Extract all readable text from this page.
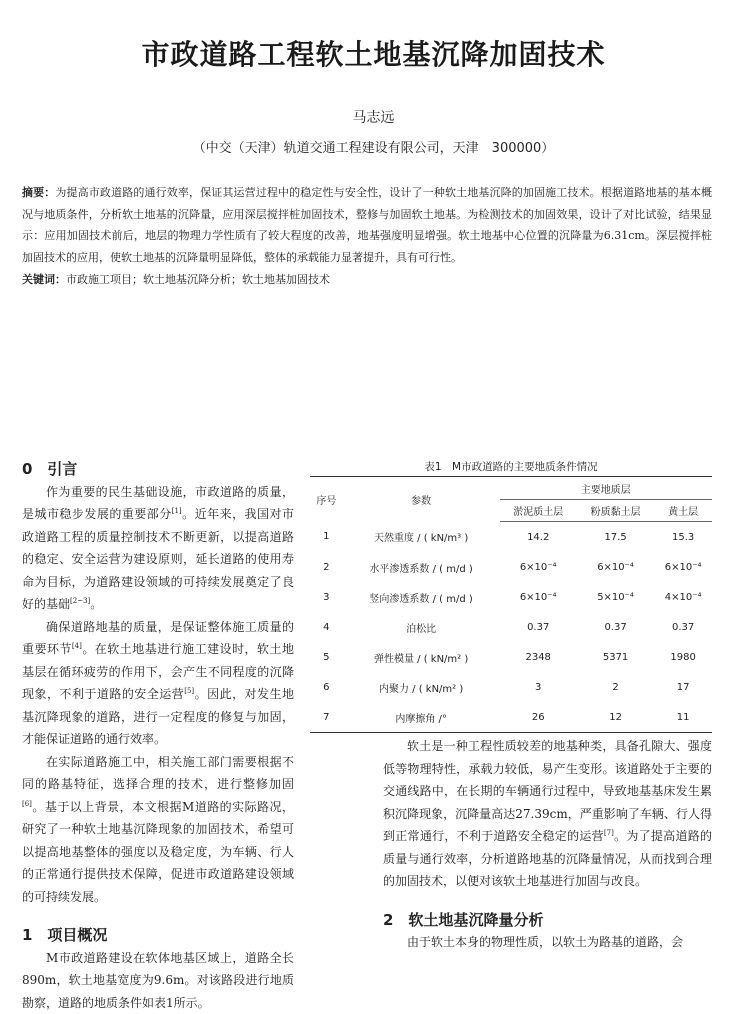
市政道路工程软土地基沉降加固技术
马志远
（中交（天津）轨道交通工程建设有限公司，天津　300000）
摘要：为提高市政道路的通行效率，保证其运营过程中的稳定性与安全性，设计了一种软土地基沉降的加固施工技术。根据道路地基的基本概况与地质条件，分析软土地基的沉降量，应用深层搅拌桩加固技术，整修与加固软土地基。为检测技术的加固效果，设计了对比试验，结果显示：应用加固技术前后，地层的物理力学性质有了较大程度的改善，地基强度明显增强。软土地基中心位置的沉降量为6.31cm。深层搅拌桩加固技术的应用，使软土地基的沉降量明显降低，整体的承载能力显著提升，具有可行性。
关键词：市政施工项目；软土地基沉降分析；软土地基加固技术
0　引言

作为重要的民生基础设施，市政道路的质量，是城市稳步发展的重要部分[1]。近年来，我国对市政道路工程的质量控制技术不断更新，以提高道路的稳定、安全运营为建设原则，延长道路的使用寿命为目标，为道路建设领域的可持续发展奠定了良好的基础[2~3]。

确保道路地基的质量，是保证整体施工质量的重要环节[4]。在软土地基进行施工建设时，软土地基层在循环疲劳的作用下，会产生不同程度的沉降现象，不利于道路的安全运营[5]。因此，对发生地基沉降现象的道路，进行一定程度的修复与加固，才能保证道路的通行效率。

在实际道路施工中，相关施工部门需要根据不同的路基特征，选择合理的技术，进行整修加固[6]。基于以上背景，本文根据M道路的实际路况，研究了一种软土地基沉降现象的加固技术，希望可以提高地基整体的强度以及稳定度，为车辆、行人的正常通行提供技术保障，促进市政道路建设领域的可持续发展。

1　项目概况

M市政道路建设在软体地基区域上，道路全长890m，软土地基宽度为9.6m。对该路段进行地质勘察，道路的地质条件如表1所示。

表1　M市政道路的主要地质条件情况
序号	参数	主要地质层		
		淤泥质土层	粉质黏土层	黄土层
1	天然重度 / ( kN/m³ )	14.2	17.5	15.3
2	水平渗透系数 / ( m/d )	6×10⁻⁴	6×10⁻⁴	6×10⁻⁴
3	竖向渗透系数 / ( m/d )	6×10⁻⁴	5×10⁻⁴	4×10⁻⁴
4	泊松比	0.37	0.37	0.37
5	弹性模量 / ( kN/m² )	2348	5371	1980
6	内聚力 / ( kN/m² )	3	2	17
7	内摩擦角 /°	26	12	11

软土是一种工程性质较差的地基种类，具备孔隙大、强度低等物理特性，承载力较低，易产生变形。该道路处于主要的交通线路中，在长期的车辆通行过程中，导致地基基床发生累积沉降现象，沉降量高达27.39cm，严重影响了车辆、行人得到正常通行，不利于道路安全稳定的运营[7]。为了提高道路的质量与通行效率，分析道路地基的沉降量情况，从而找到合理的加固技术，以便对该软土地基进行加固与改良。

2　软土地基沉降量分析

由于软土本身的物理性质，以软土为路基的道路，会
